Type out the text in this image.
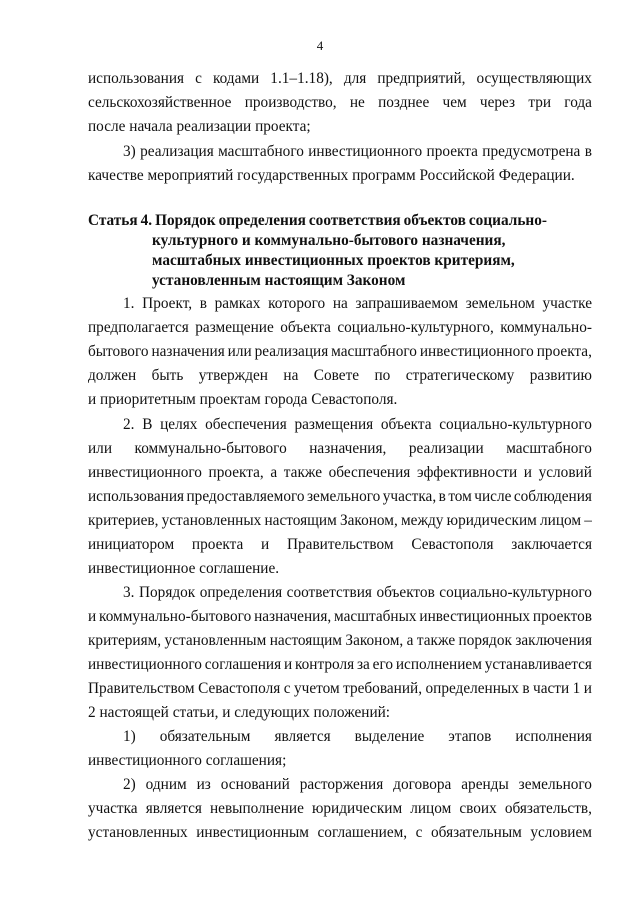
4
использования с кодами 1.1–1.18), для предприятий, осуществляющих
сельскохозяйственное производство, не позднее чем через три года
после начала реализации проекта;
3) реализация масштабного инвестиционного проекта предусмотрена в
качестве мероприятий государственных программ Российской Федерации.
Статья 4. Порядок определения соответствия объектов социально-
культурного и коммунально-бытового назначения,
масштабных инвестиционных проектов критериям,
установленным настоящим Законом
1. Проект, в рамках которого на запрашиваемом земельном участке
предполагается размещение объекта социально-культурного, коммунально-
бытового назначения или реализация масштабного инвестиционного проекта,
должен быть утвержден на Совете по стратегическому развитию
и приоритетным проектам города Севастополя.
2. В целях обеспечения размещения объекта социально-культурного
или коммунально-бытового назначения, реализации масштабного
инвестиционного проекта, а также обеспечения эффективности и условий
использования предоставляемого земельного участка, в том числе соблюдения
критериев, установленных настоящим Законом, между юридическим лицом –
инициатором проекта и Правительством Севастополя заключается
инвестиционное соглашение.
3. Порядок определения соответствия объектов социально-культурного
и коммунально-бытового назначения, масштабных инвестиционных проектов
критериям, установленным настоящим Законом, а также порядок заключения
инвестиционного соглашения и контроля за его исполнением устанавливается
Правительством Севастополя с учетом требований, определенных в части 1 и
2 настоящей статьи, и следующих положений:
1) обязательным является выделение этапов исполнения
инвестиционного соглашения;
2) одним из оснований расторжения договора аренды земельного
участка является невыполнение юридическим лицом своих обязательств,
установленных инвестиционным соглашением, с обязательным условием
